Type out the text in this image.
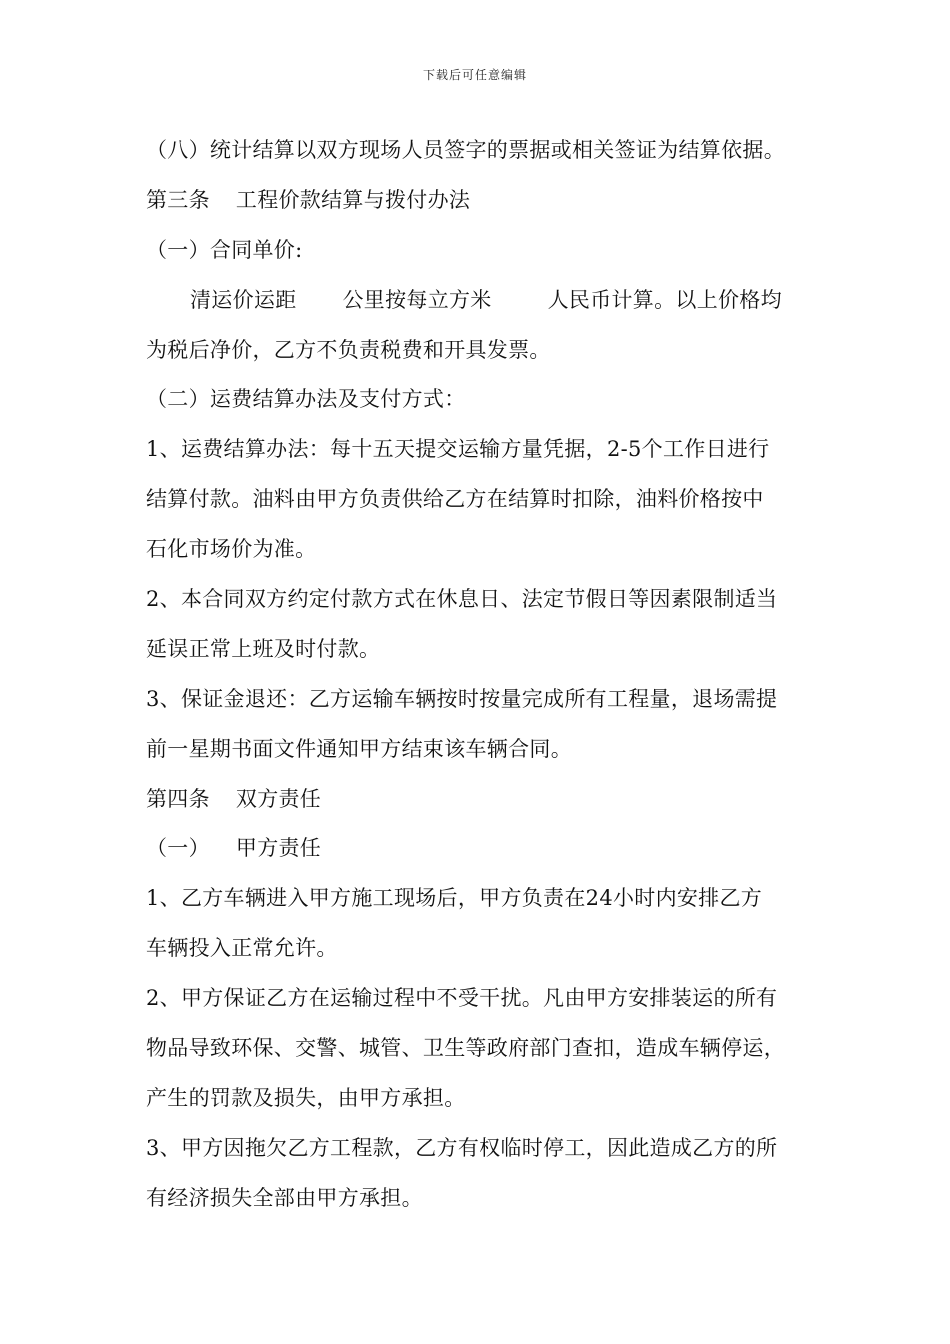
下载后可任意编辑
（八）统计结算以双方现场人员签字的票据或相关签证为结算依据。
第三条 工程价款结算与拨付办法
（一）合同单价:
清运价运距 公里按每立方米	人民币计算。以上价格均
为税后净价，乙方不负责税费和开具发票。
（二）运费结算办法及支付方式：
1、运费结算办法：每十五天提交运输方量凭据，2-5个工作日进行
结算付款。油料由甲方负责供给乙方在结算时扣除，油料价格按中
石化市场价为准。
2、本合同双方约定付款方式在休息日、法定节假日等因素限制适当
延误正常上班及时付款。
3、保证金退还：乙方运输车辆按时按量完成所有工程量，退场需提
前一星期书面文件通知甲方结束该车辆合同。
第四条 双方责任
（一） 甲方责任
1、乙方车辆进入甲方施工现场后，甲方负责在24小时内安排乙方
车辆投入正常允许。
2、甲方保证乙方在运输过程中不受干扰。凡由甲方安排装运的所有
物品导致环保、交警、城管、卫生等政府部门查扣，造成车辆停运，
产生的罚款及损失，由甲方承担。
3、甲方因拖欠乙方工程款，乙方有权临时停工，因此造成乙方的所
有经济损失全部由甲方承担。
